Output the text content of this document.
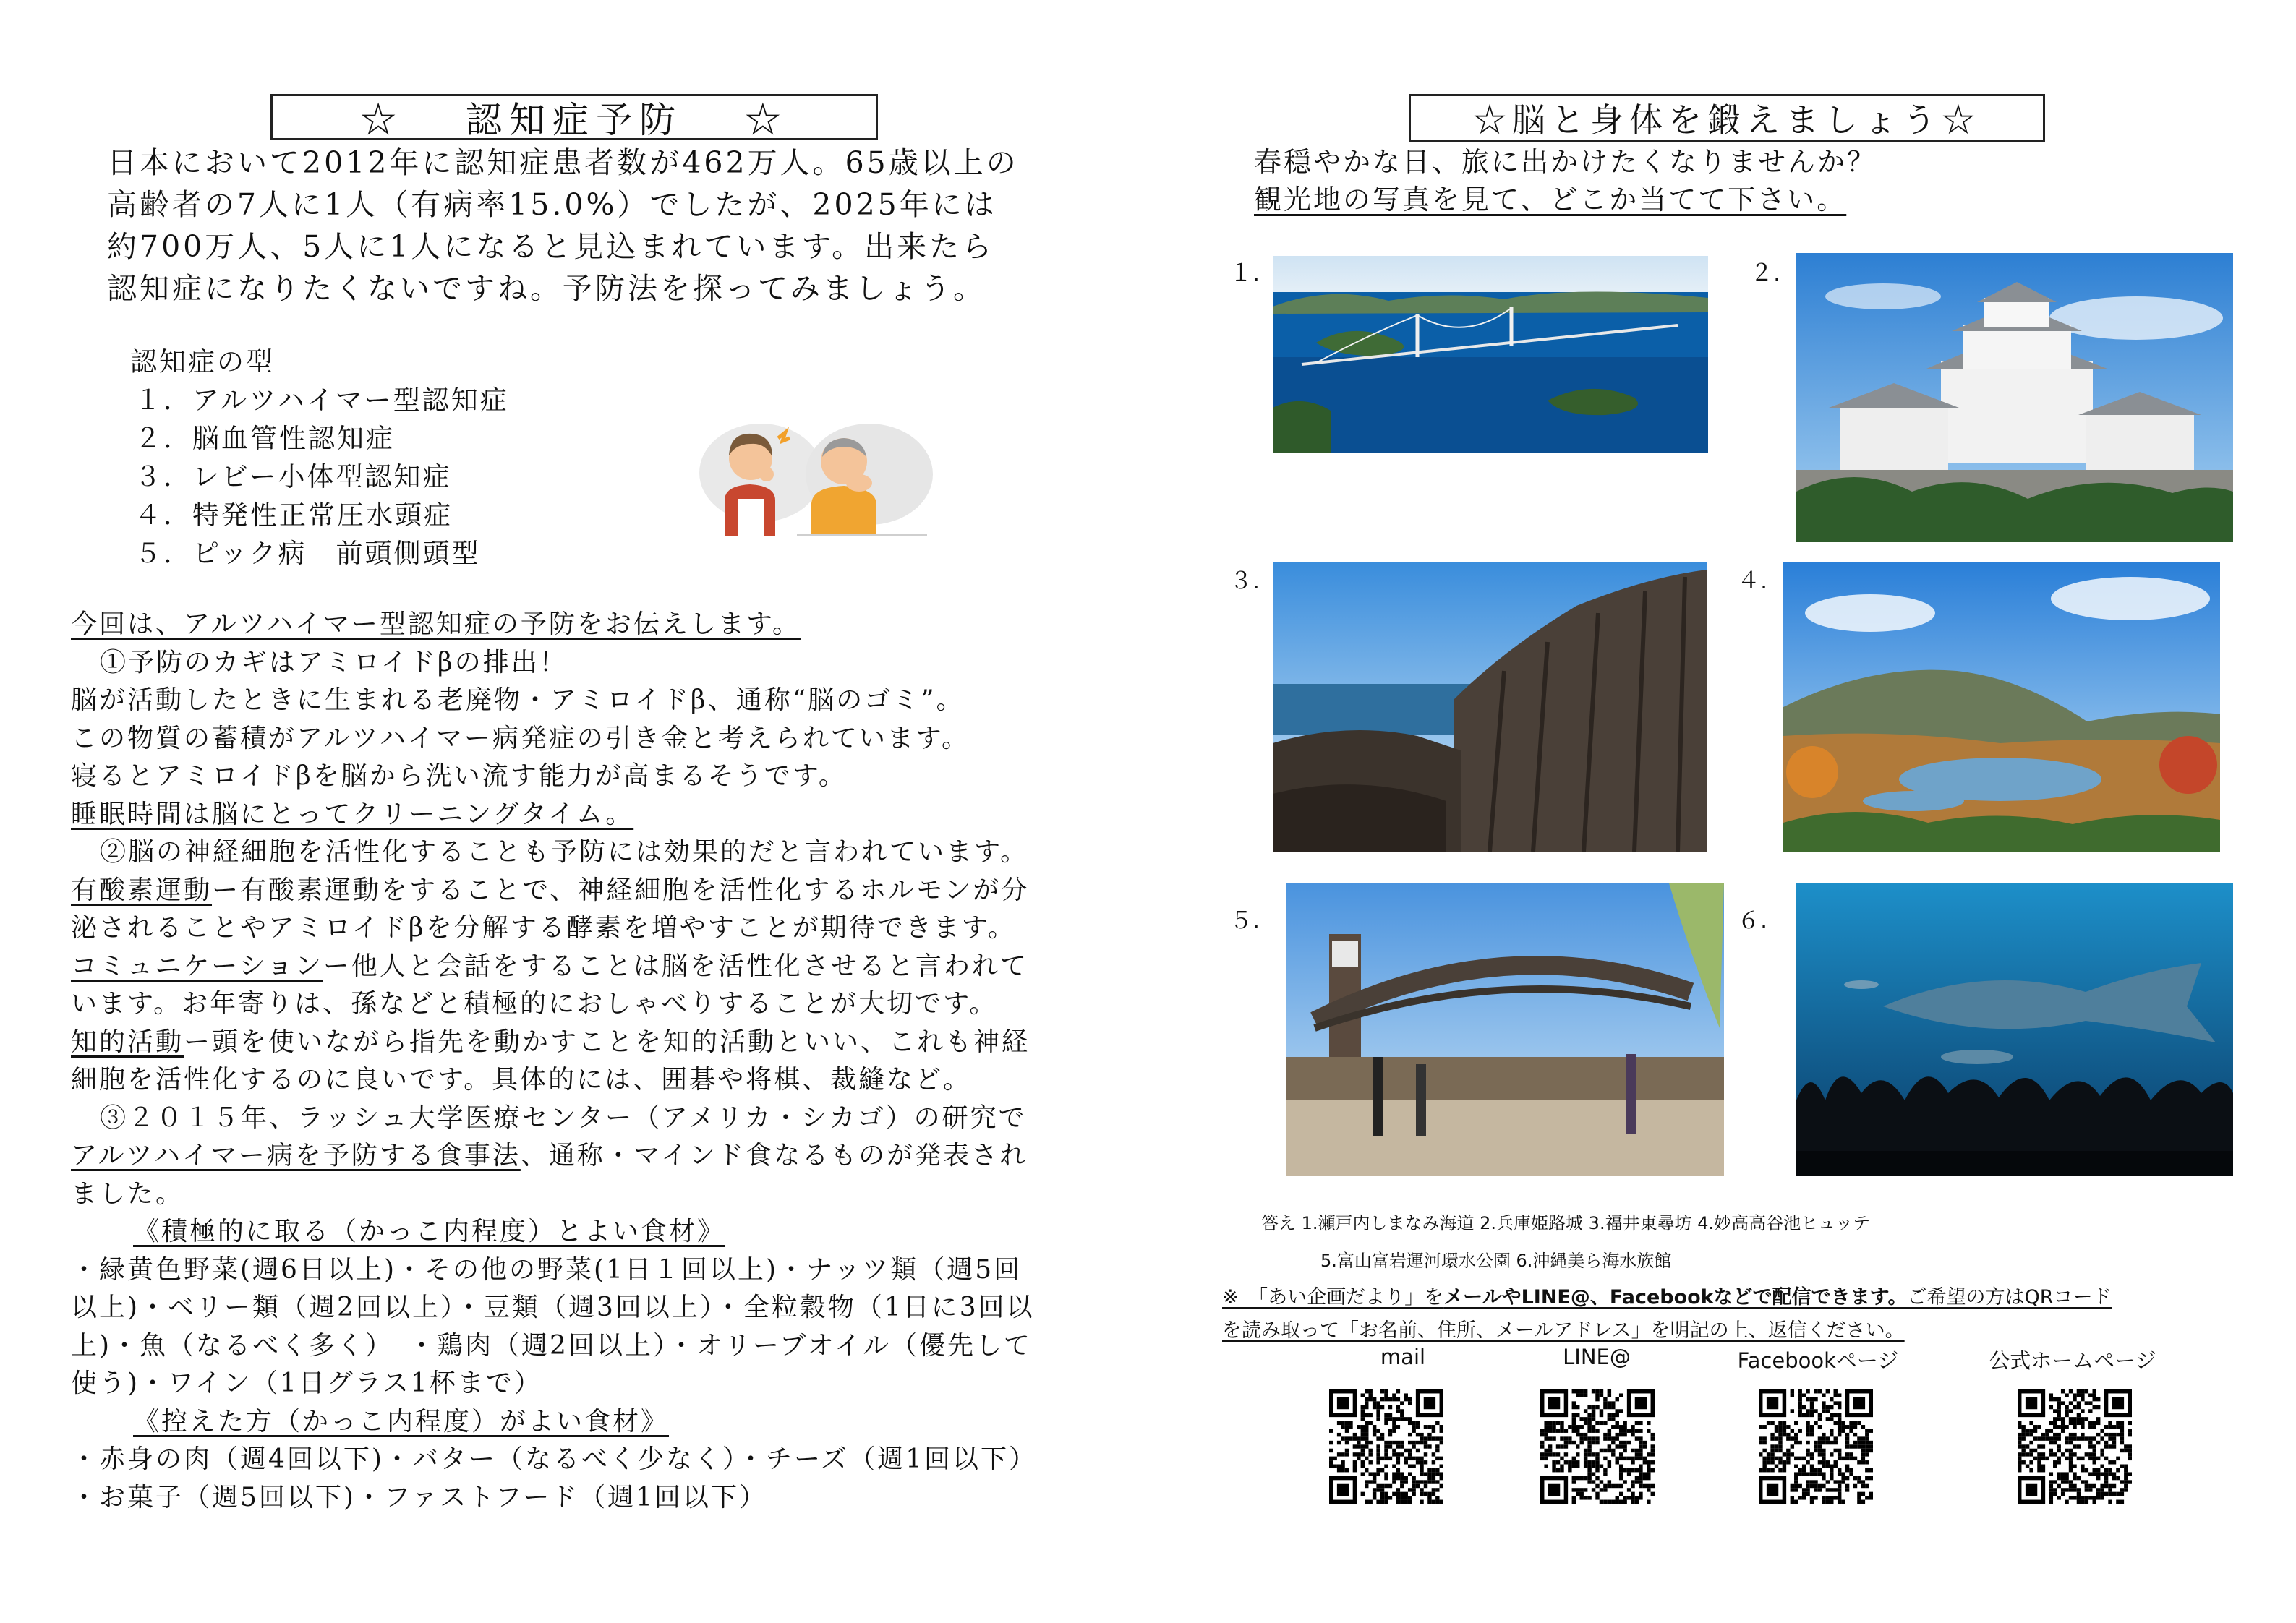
☆　 認知症予防 　☆
日本において2012年に認知症患者数が462万人。65歳以上の
高齢者の7人に1人（有病率15.0%）でしたが、2025年には
約700万人、5人に1人になると見込まれています。出来たら
認知症になりたくないですね。予防法を探ってみましょう。
認知症の型
１．アルツハイマー型認知症
２．脳血管性認知症
３．レビー小体型認知症
４．特発性正常圧水頭症
５．ピック病　前頭側頭型
今回は、アルツハイマー型認知症の予防をお伝えします。
①予防のカギはアミロイドβの排出！
脳が活動したときに生まれる老廃物・アミロイドβ、通称“脳のゴミ”。
この物質の蓄積がアルツハイマー病発症の引き金と考えられています。
寝るとアミロイドβを脳から洗い流す能力が高まるそうです。
睡眠時間は脳にとってクリーニングタイム。
②脳の神経細胞を活性化することも予防には効果的だと言われています。
有酸素運動ー有酸素運動をすることで、神経細胞を活性化するホルモンが分
泌されることやアミロイドβを分解する酵素を増やすことが期待できます。
コミュニケーションー他人と会話をすることは脳を活性化させると言われて
います。お年寄りは、孫などと積極的におしゃべりすることが大切です。
知的活動ー頭を使いながら指先を動かすことを知的活動といい、これも神経
細胞を活性化するのに良いです。具体的には、囲碁や将棋、裁縫など。
③２０１５年、ラッシュ大学医療センター（アメリカ・シカゴ）の研究で
アルツハイマー病を予防する食事法、通称・マインド食なるものが発表され
ました。
《積極的に取る（かっこ内程度）とよい食材》
・緑黄色野菜(週6日以上)・その他の野菜(1日１回以上)・ナッツ類（週5回
以上)・ベリー類（週2回以上）・豆類（週3回以上）・全粒穀物（1日に3回以
上)・魚（なるべく多く）　・鶏肉（週2回以上）・オリーブオイル（優先して
使う)・ワイン（1日グラス1杯まで）
《控えた方（かっこ内程度）がよい食材》
・赤身の肉（週4回以下)・バター（なるべく少なく）・チーズ（週1回以下）
・お菓子（週5回以下)・ファストフード（週1回以下）
☆脳と身体を鍛えましょう☆
春穏やかな日、旅に出かけたくなりませんか？
観光地の写真を見て、どこか当てて下さい。
１.	２.
３.	４.
５.	６.
答え 1.瀬戸内しまなみ海道 2.兵庫姫路城 3.福井東尋坊 4.妙高高谷池ヒュッテ
5.富山富岩運河環水公園 6.沖縄美ら海水族館
※　「あい企画だより」をメールやLINE@、Facebookなどで配信できます。ご希望の方はQRコード
を読み取って「お名前、住所、メールアドレス」を明記の上、返信ください。
mail	LINE@	Facebookページ	公式ホームページ
